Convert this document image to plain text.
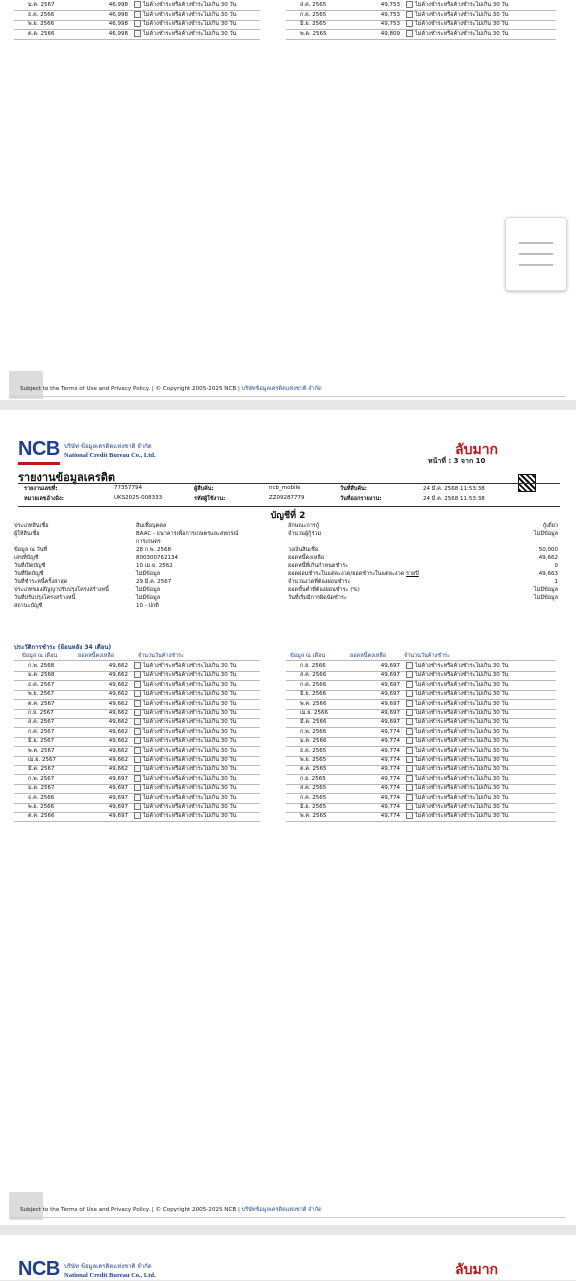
ม.ค. 2567	46,998	ไม่ค้างชำระหรือค้างชำระไม่เกิน 30 วัน	ส.ค. 2565	49,753	ไม่ค้างชำระหรือค้างชำระไม่เกิน 30 วัน
ธ.ค. 2566	46,998	ไม่ค้างชำระหรือค้างชำระไม่เกิน 30 วัน	ก.ค. 2565	49,753	ไม่ค้างชำระหรือค้างชำระไม่เกิน 30 วัน
พ.ย. 2566	46,998	ไม่ค้างชำระหรือค้างชำระไม่เกิน 30 วัน	มิ.ย. 2565	49,753	ไม่ค้างชำระหรือค้างชำระไม่เกิน 30 วัน
ต.ค. 2566	46,998	ไม่ค้างชำระหรือค้างชำระไม่เกิน 30 วัน	พ.ค. 2565	49,809	ไม่ค้างชำระหรือค้างชำระไม่เกิน 30 วัน
Subject to the Terms of Use and Privacy Policy. | © Copyright 2005-2025 NCB | บริษัทข้อมูลเครดิตแห่งชาติ จำกัด
NCB บริษัท ข้อมูลเครดิตแห่งชาติ จำกัด
National Credit Bureau Co., Ltd.	ลับมาก
หน้าที่ : 3 จาก 10
รายงานข้อมูลเครดิต
รายงานเลขที่:	77357794
หมายเลขอ้างอิง:	UKS2025-008333
ผู้สืบค้น:	ncb_mobile
รหัสผู้ใช้งาน:	ZZ09287779
วันที่สืบค้น:	24 มี.ค. 2568 11:53:38
วันที่ออกรายงาน:	24 มี.ค. 2568 11:53:38
บัญชีที่ 2
ประเภทสินเชื่อ	สินเชื่อบุคคล
ผู้ให้สินเชื่อ	BAAC - ธนาคารเพื่อการเกษตรและสหกรณ์
การเกษตร
ข้อมูล ณ วันที่	28 ก.พ. 2568
เลขที่บัญชี	800300762134
วันที่เปิดบัญชี	10 เม.ย. 2562
วันที่ปิดบัญชี	ไม่มีข้อมูล
วันที่ชำระหนี้ครั้งล่าสุด	29 มี.ค. 2567
ประเภทของสัญญาปรับปรุงโครงสร้างหนี้	ไม่มีข้อมูล
วันที่ปรับปรุงโครงสร้างหนี้	ไม่มีข้อมูล
สถานะบัญชี	10 - ปกติ
ลักษณะการกู้	กู้เดี่ยว
จำนวนผู้กู้ร่วม	ไม่มีข้อมูล
วงเงินสินเชื่อ	50,000
ยอดหนี้คงเหลือ	49,662
ยอดหนี้ที่เกินกำหนดชำระ	0
ยอดผ่อนชำระในแต่ละงวด/ยอดชำระในแต่ละงวด รายปี	49,663
จำนวนงวดที่ต้องผ่อนชำระ	1
ยอดขั้นต่ำที่ต้องผ่อนชำระ (%)	ไม่มีข้อมูล
วันที่เริ่มมีการผิดนัดชำระ	ไม่มีข้อมูล
ประวัติการชำระ (ย้อนหลัง 34 เดือน)
ข้อมูล ณ เดือน	ยอดหนี้คงเหลือ	จำนวนวันค้างชำระ	ข้อมูล ณ เดือน	ยอดหนี้คงเหลือ	จำนวนวันค้างชำระ
ก.พ. 2568	49,662	ไม่ค้างชำระหรือค้างชำระไม่เกิน 30 วัน	ก.ย. 2566	49,697	ไม่ค้างชำระหรือค้างชำระไม่เกิน 30 วัน
ม.ค. 2568	49,662	ไม่ค้างชำระหรือค้างชำระไม่เกิน 30 วัน	ส.ค. 2566	49,697	ไม่ค้างชำระหรือค้างชำระไม่เกิน 30 วัน
ธ.ค. 2567	49,662	ไม่ค้างชำระหรือค้างชำระไม่เกิน 30 วัน	ก.ค. 2566	49,697	ไม่ค้างชำระหรือค้างชำระไม่เกิน 30 วัน
พ.ย. 2567	49,662	ไม่ค้างชำระหรือค้างชำระไม่เกิน 30 วัน	มิ.ย. 2566	49,697	ไม่ค้างชำระหรือค้างชำระไม่เกิน 30 วัน
ต.ค. 2567	49,662	ไม่ค้างชำระหรือค้างชำระไม่เกิน 30 วัน	พ.ค. 2566	49,697	ไม่ค้างชำระหรือค้างชำระไม่เกิน 30 วัน
ก.ย. 2567	49,662	ไม่ค้างชำระหรือค้างชำระไม่เกิน 30 วัน	เม.ย. 2566	49,697	ไม่ค้างชำระหรือค้างชำระไม่เกิน 30 วัน
ส.ค. 2567	49,662	ไม่ค้างชำระหรือค้างชำระไม่เกิน 30 วัน	มี.ค. 2566	49,697	ไม่ค้างชำระหรือค้างชำระไม่เกิน 30 วัน
ก.ค. 2567	49,662	ไม่ค้างชำระหรือค้างชำระไม่เกิน 30 วัน	ก.พ. 2566	49,774	ไม่ค้างชำระหรือค้างชำระไม่เกิน 30 วัน
มิ.ย. 2567	49,662	ไม่ค้างชำระหรือค้างชำระไม่เกิน 30 วัน	ม.ค. 2566	49,774	ไม่ค้างชำระหรือค้างชำระไม่เกิน 30 วัน
พ.ค. 2567	49,662	ไม่ค้างชำระหรือค้างชำระไม่เกิน 30 วัน	ธ.ค. 2565	49,774	ไม่ค้างชำระหรือค้างชำระไม่เกิน 30 วัน
เม.ย. 2567	49,662	ไม่ค้างชำระหรือค้างชำระไม่เกิน 30 วัน	พ.ย. 2565	49,774	ไม่ค้างชำระหรือค้างชำระไม่เกิน 30 วัน
มี.ค. 2567	49,662	ไม่ค้างชำระหรือค้างชำระไม่เกิน 30 วัน	ต.ค. 2565	49,774	ไม่ค้างชำระหรือค้างชำระไม่เกิน 30 วัน
ก.พ. 2567	49,697	ไม่ค้างชำระหรือค้างชำระไม่เกิน 30 วัน	ก.ย. 2565	49,774	ไม่ค้างชำระหรือค้างชำระไม่เกิน 30 วัน
ม.ค. 2567	49,697	ไม่ค้างชำระหรือค้างชำระไม่เกิน 30 วัน	ส.ค. 2565	49,774	ไม่ค้างชำระหรือค้างชำระไม่เกิน 30 วัน
ธ.ค. 2566	49,697	ไม่ค้างชำระหรือค้างชำระไม่เกิน 30 วัน	ก.ค. 2565	49,774	ไม่ค้างชำระหรือค้างชำระไม่เกิน 30 วัน
พ.ย. 2566	49,697	ไม่ค้างชำระหรือค้างชำระไม่เกิน 30 วัน	มิ.ย. 2565	49,774	ไม่ค้างชำระหรือค้างชำระไม่เกิน 30 วัน
ต.ค. 2566	49,697	ไม่ค้างชำระหรือค้างชำระไม่เกิน 30 วัน	พ.ค. 2565	49,774	ไม่ค้างชำระหรือค้างชำระไม่เกิน 30 วัน
Subject to the Terms of Use and Privacy Policy. | © Copyright 2005-2025 NCB | บริษัทข้อมูลเครดิตแห่งชาติ จำกัด
NCB บริษัท ข้อมูลเครดิตแห่งชาติ จำกัด
National Credit Bureau Co., Ltd.	ลับมาก
